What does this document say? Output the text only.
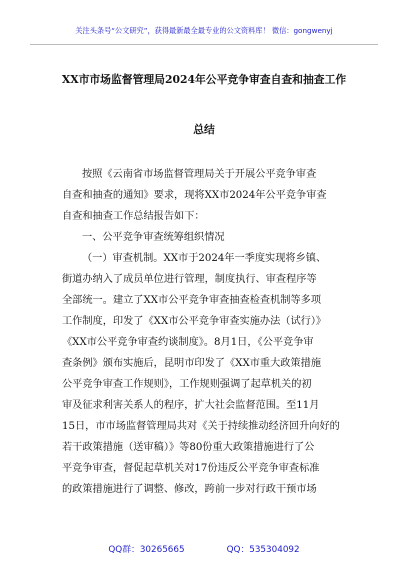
关注头条号“公文研究”，获得最新最全最专业的公文资料库！ 微信：gongwenyj
XX市市场监督管理局2024年公平竞争审查自查和抽查工作
总结
按照《云南省市场监督管理局关于开展公平竞争审查
自查和抽查的通知》要求，现将XX市2024年公平竞争审查
自查和抽查工作总结报告如下：
一、公平竞争审查统筹组织情况
（一）审查机制。XX市于2024年一季度实现将乡镇、
街道办纳入了成员单位进行管理，制度执行、审查程序等
全部统一。建立了XX市公平竞争审查抽查检查机制等多项
工作制度，印发了《XX市公平竞争审查实施办法（试行）》
《XX市公平竞争审查约谈制度》。8月1日，《公平竞争审
查条例》颁布实施后，昆明市印发了《XX市重大政策措施
公平竞争审查工作规则》，工作规则强调了起草机关的初
审及征求利害关系人的程序，扩大社会监督范围。至11月
15日，市市场监督管理局共对《关于持续推动经济回升向好的
若干政策措施（送审稿）》等80份重大政策措施进行了公
平竞争审查，督促起草机关对17份违反公平竞争审查标准
的政策措施进行了调整、修改，跨前一步对行政干预市场
QQ群：30265665	QQ：535304092
